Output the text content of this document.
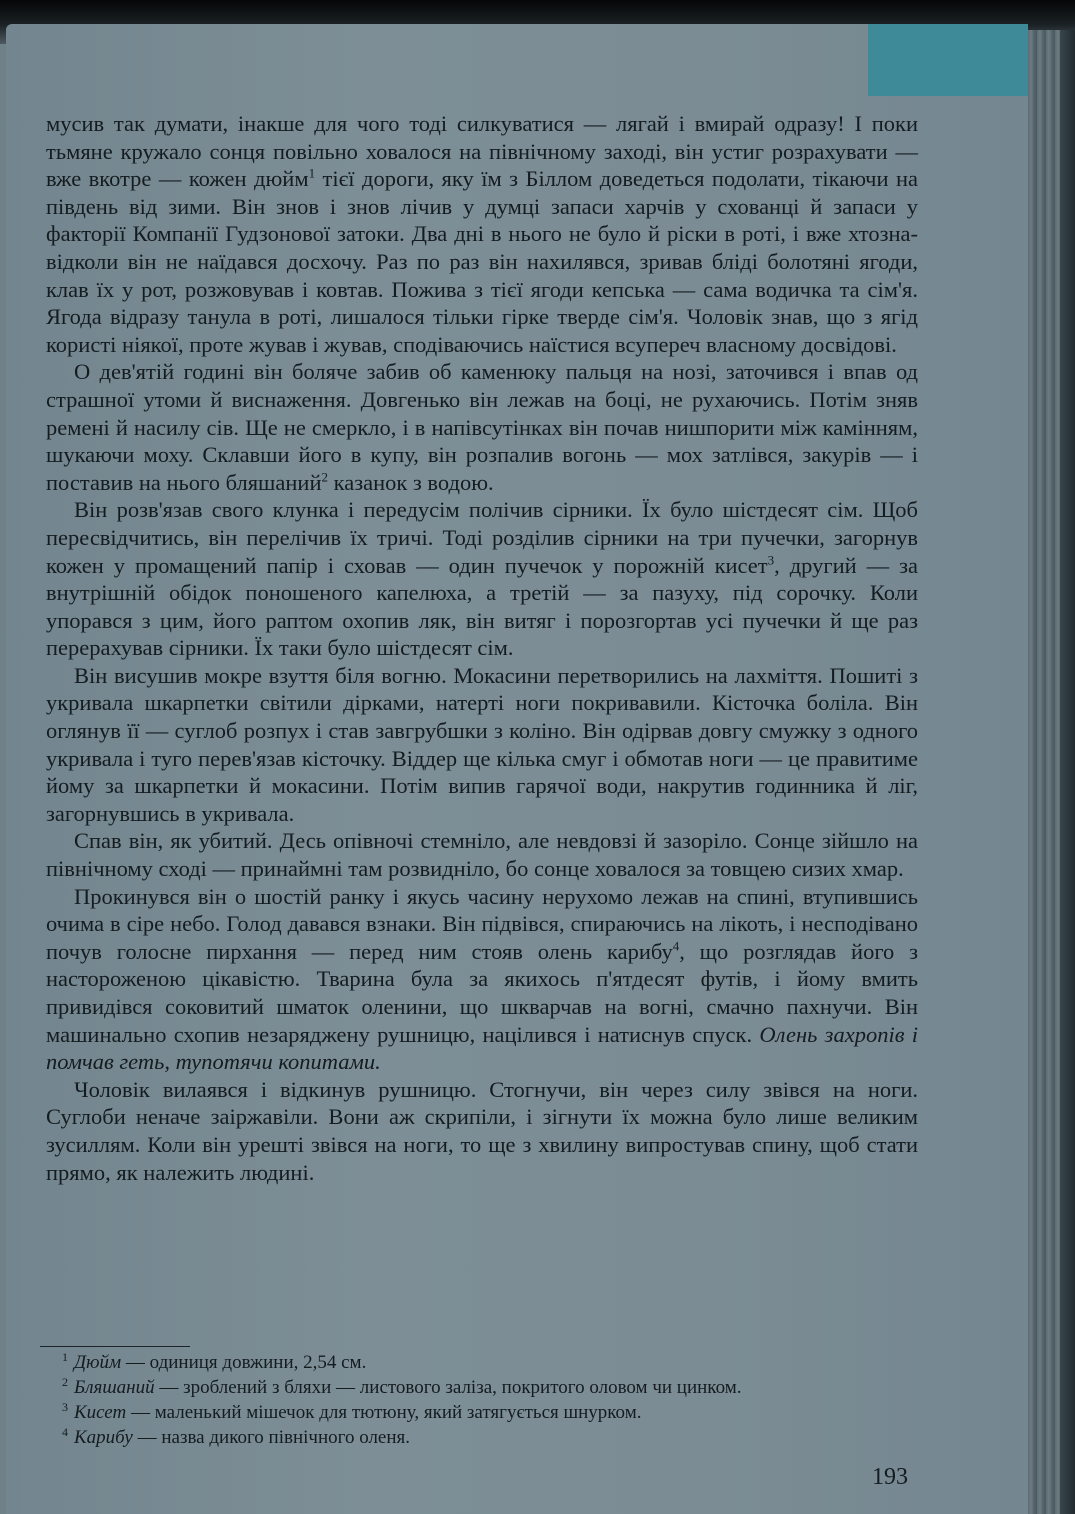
мусив так думати, інакше для чого тоді силкуватися — лягай і вмирай одразу! І поки тьмяне кружало сонця повільно ховалося на північному заході, він устиг розрахувати — вже вкотре — кожен дюйм$^1$ тієї дороги, яку їм з Біллом доведеться подолати, тікаючи на південь від зими. Він знов і знов лічив у думці запаси харчів у схованці й запаси у факторії Компанії Гудзонової затоки. Два дні в нього не було й ріски в роті, і вже хтозна-відколи він не наїдався досхочу. Раз по раз він нахилявся, зривав бліді болотяні ягоди, клав їх у рот, розжовував і ковтав. Пожива з тієї ягоди кепська — сама водичка та сім'я. Ягода відразу танула в роті, лишалося тільки гірке тверде сім'я. Чоловік знав, що з ягід користі ніякої, проте жував і жував, сподіваючись наїстися всупереч власному досвідові.

О дев'ятій годині він боляче забив об каменюку пальця на нозі, заточився і впав од страшної утоми й виснаження. Довгенько він лежав на боці, не рухаючись. Потім зняв ремені й насилу сів. Ще не смеркло, і в напівсутінках він почав нишпорити між камінням, шукаючи моху. Склавши його в купу, він розпалив вогонь — мох затлівся, закурів — і поставив на нього бляшаний$^2$ казанок з водою.

Він розв'язав свого клунка і передусім полічив сірники. Їх було шістдесят сім. Щоб пересвідчитись, він перелічив їх тричі. Тоді розділив сірники на три пучечки, загорнув кожен у промащений папір і сховав — один пучечок у порожній кисет$^3$, другий — за внутрішній обідок поношеного капелюха, а третій — за пазуху, під сорочку. Коли упорався з цим, його раптом охопив ляк, він витяг і порозгортав усі пучечки й ще раз перерахував сірники. Їх таки було шістдесят сім.

Він висушив мокре взуття біля вогню. Мокасини перетворились на лахміття. Пошиті з укривала шкарпетки світили дірками, натерті ноги покривавили. Кісточка боліла. Він оглянув її — суглоб розпух і став завгрубшки з коліно. Він одірвав довгу смужку з одного укривала і туго перев'язав кісточку. Віддер ще кілька смуг і обмотав ноги — це правитиме йому за шкарпетки й мокасини. Потім випив гарячої води, накрутив годинника й ліг, загорнувшись в укривала.

Спав він, як убитий. Десь опівночі стемніло, але невдовзі й зазоріло. Сонце зійшло на північному сході — принаймні там розвидніло, бо сонце ховалося за товщею сизих хмар.

Прокинувся він о шостій ранку і якусь часину нерухомо лежав на спині, втупившись очима в сіре небо. Голод давався взнаки. Він підвівся, спираючись на лікоть, і несподівано почув голосне пирхання — перед ним стояв олень карибу$^4$, що розглядав його з настороженою цікавістю. Тварина була за якихось п'ятдесят футів, і йому вмить привидівся соковитий шматок оленини, що шкварчав на вогні, смачно пахнучи. Він машинально схопив незаряджену рушницю, націлився і натиснув спуск. Олень захропів і помчав геть, тупотячи копитами.

Чоловік вилаявся і відкинув рушницю. Стогнучи, він через силу звівся на ноги. Суглоби неначе заіржавіли. Вони аж скрипіли, і зігнути їх можна було лише великим зусиллям. Коли він урешті звівся на ноги, то ще з хвилину випростував спину, щоб стати прямо, як належить людині.

1 Дюйм — одиниця довжини, 2,54 см.
2 Бляшаний — зроблений з бляхи — листового заліза, покритого оловом чи цинком.
3 Кисет — маленький мішечок для тютюну, який затягується шнурком.
4 Карибу — назва дикого північного оленя.
193
